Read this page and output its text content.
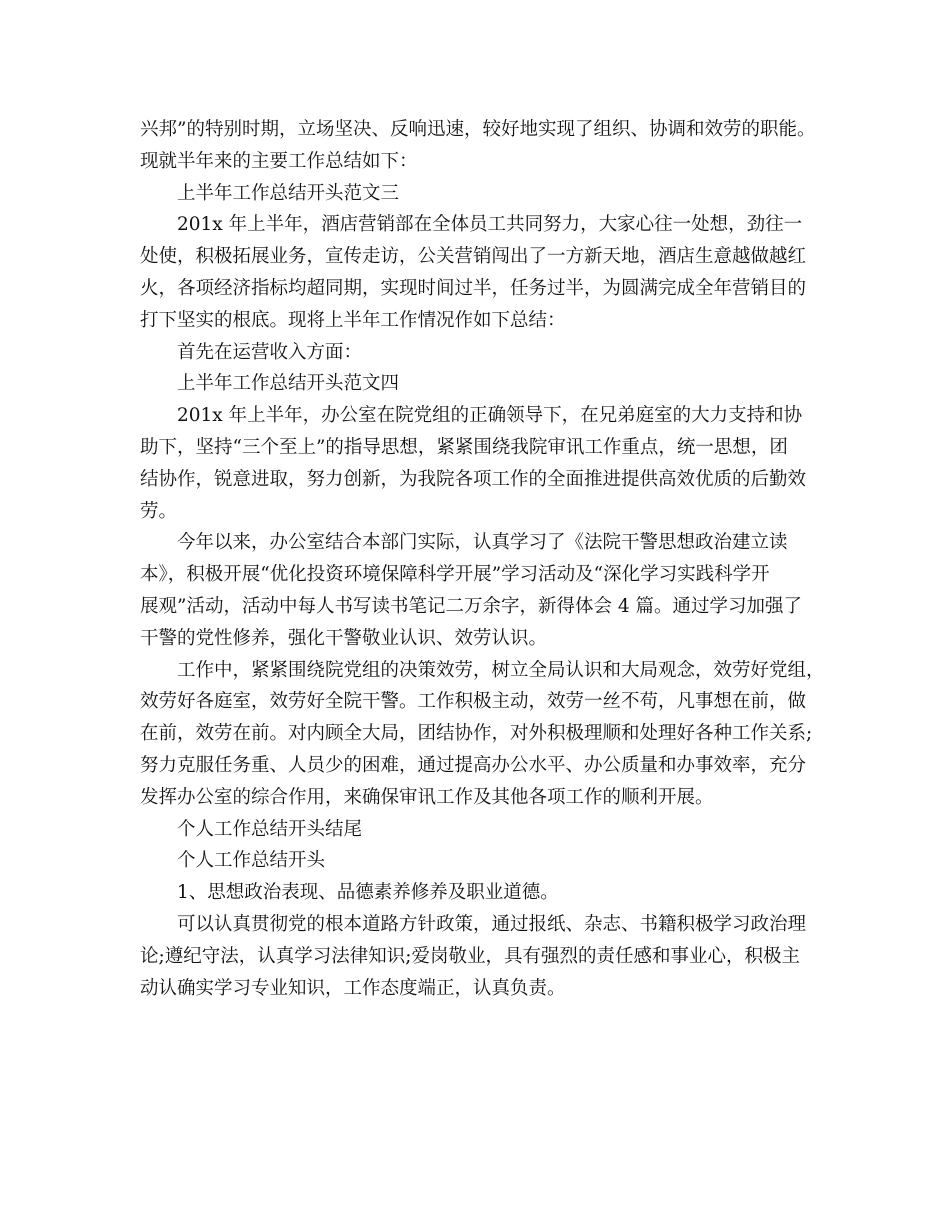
兴邦”的特别时期，立场坚决、反响迅速，较好地实现了组织、协调和效劳的职能。
现就半年来的主要工作总结如下：
上半年工作总结开头范文三
201x 年上半年，酒店营销部在全体员工共同努力，大家心往一处想，劲往一
处使，积极拓展业务，宣传走访，公关营销闯出了一方新天地，酒店生意越做越红
火，各项经济指标均超同期，实现时间过半，任务过半，为圆满完成全年营销目的
打下坚实的根底。现将上半年工作情况作如下总结：
首先在运营收入方面：
上半年工作总结开头范文四
201x 年上半年，办公室在院党组的正确领导下，在兄弟庭室的大力支持和协
助下，坚持“三个至上”的指导思想，紧紧围绕我院审讯工作重点，统一思想，团
结协作，锐意进取，努力创新，为我院各项工作的全面推进提供高效优质的后勤效
劳。
今年以来，办公室结合本部门实际，认真学习了《法院干警思想政治建立读
本》，积极开展“优化投资环境保障科学开展”学习活动及“深化学习实践科学开
展观”活动，活动中每人书写读书笔记二万余字，新得体会 4 篇。通过学习加强了
干警的党性修养，强化干警敬业认识、效劳认识。
工作中，紧紧围绕院党组的决策效劳，树立全局认识和大局观念，效劳好党组，
效劳好各庭室，效劳好全院干警。工作积极主动，效劳一丝不苟，凡事想在前，做
在前，效劳在前。对内顾全大局，团结协作，对外积极理顺和处理好各种工作关系;
努力克服任务重、人员少的困难，通过提高办公水平、办公质量和办事效率，充分
发挥办公室的综合作用，来确保审讯工作及其他各项工作的顺利开展。
个人工作总结开头结尾
个人工作总结开头
1、思想政治表现、品德素养修养及职业道德。
可以认真贯彻党的根本道路方针政策，通过报纸、杂志、书籍积极学习政治理
论;遵纪守法，认真学习法律知识;爱岗敬业，具有强烈的责任感和事业心，积极主
动认确实学习专业知识，工作态度端正，认真负责。
